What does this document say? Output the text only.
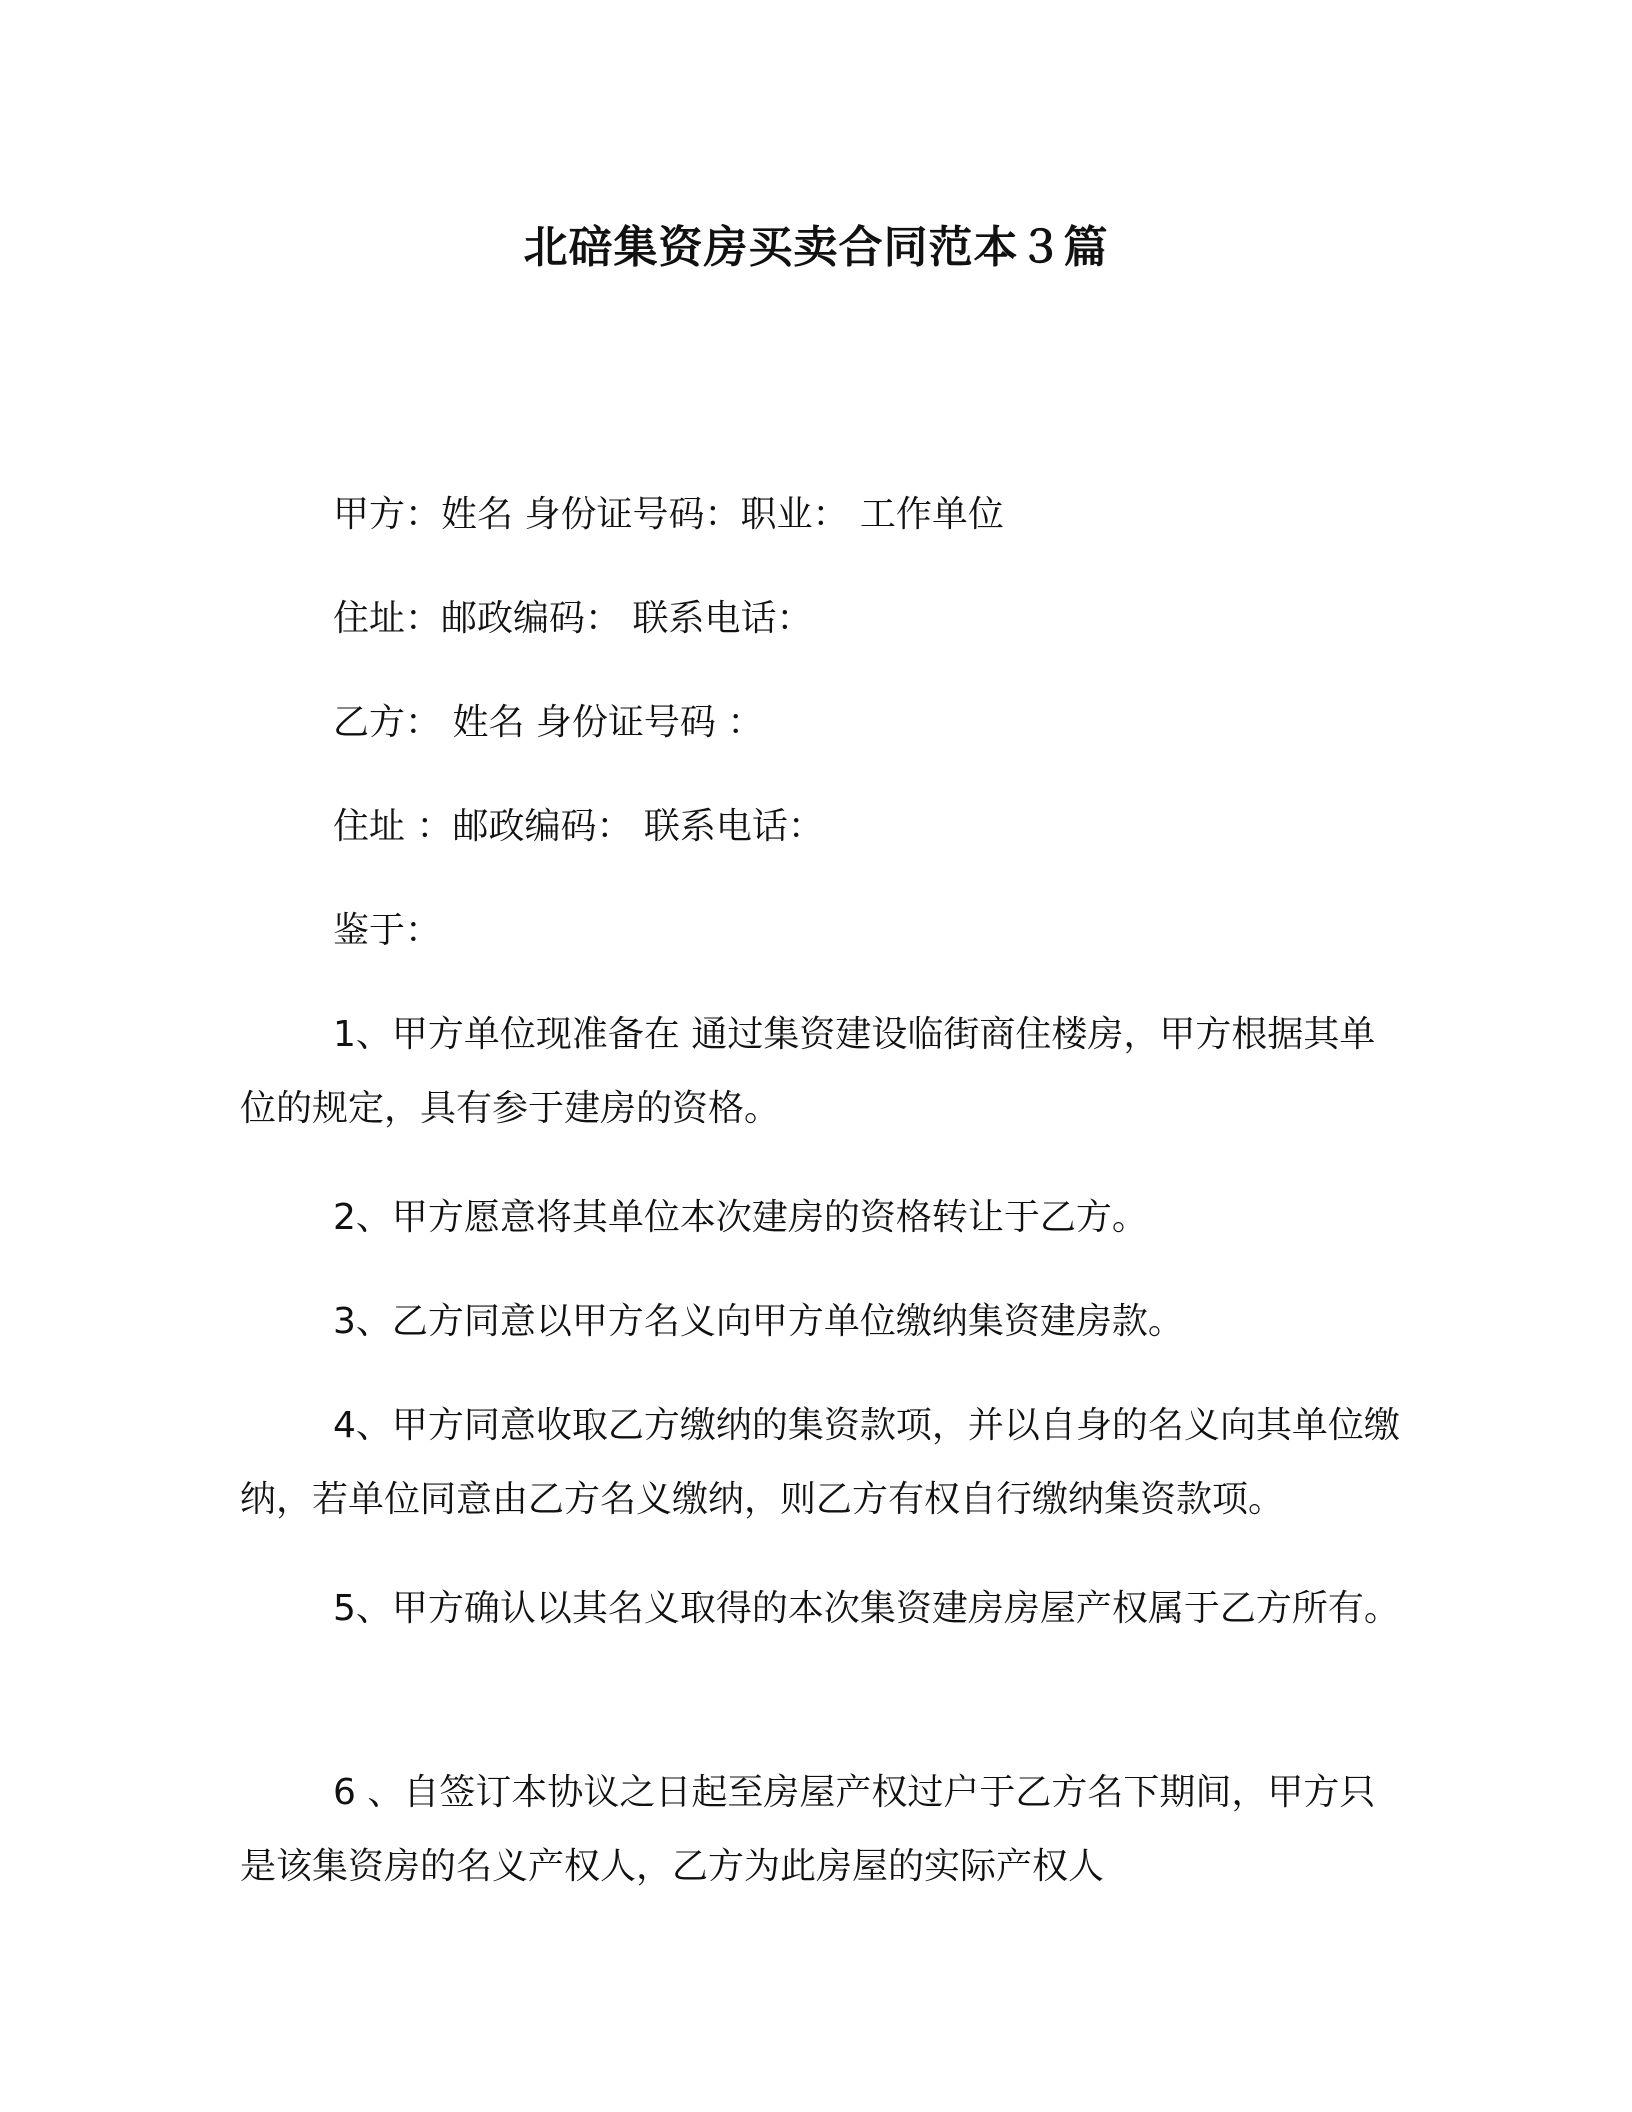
北碚集资房买卖合同范本３篇
甲方：姓名 身份证号码：职业： 工作单位
住址：邮政编码： 联系电话：
乙方： 姓名 身份证号码 ：
住址 ：邮政编码： 联系电话：
鉴于：
1、甲方单位现准备在 通过集资建设临街商住楼房，甲方根据其单位的规定，具有参于建房的资格。
2、甲方愿意将其单位本次建房的资格转让于乙方。
3、乙方同意以甲方名义向甲方单位缴纳集资建房款。
4、甲方同意收取乙方缴纳的集资款项，并以自身的名义向其单位缴纳，若单位同意由乙方名义缴纳，则乙方有权自行缴纳集资款项。
5、甲方确认以其名义取得的本次集资建房房屋产权属于乙方所有。
6 、自签订本协议之日起至房屋产权过户于乙方名下期间，甲方只是该集资房的名义产权人，乙方为此房屋的实际产权人
